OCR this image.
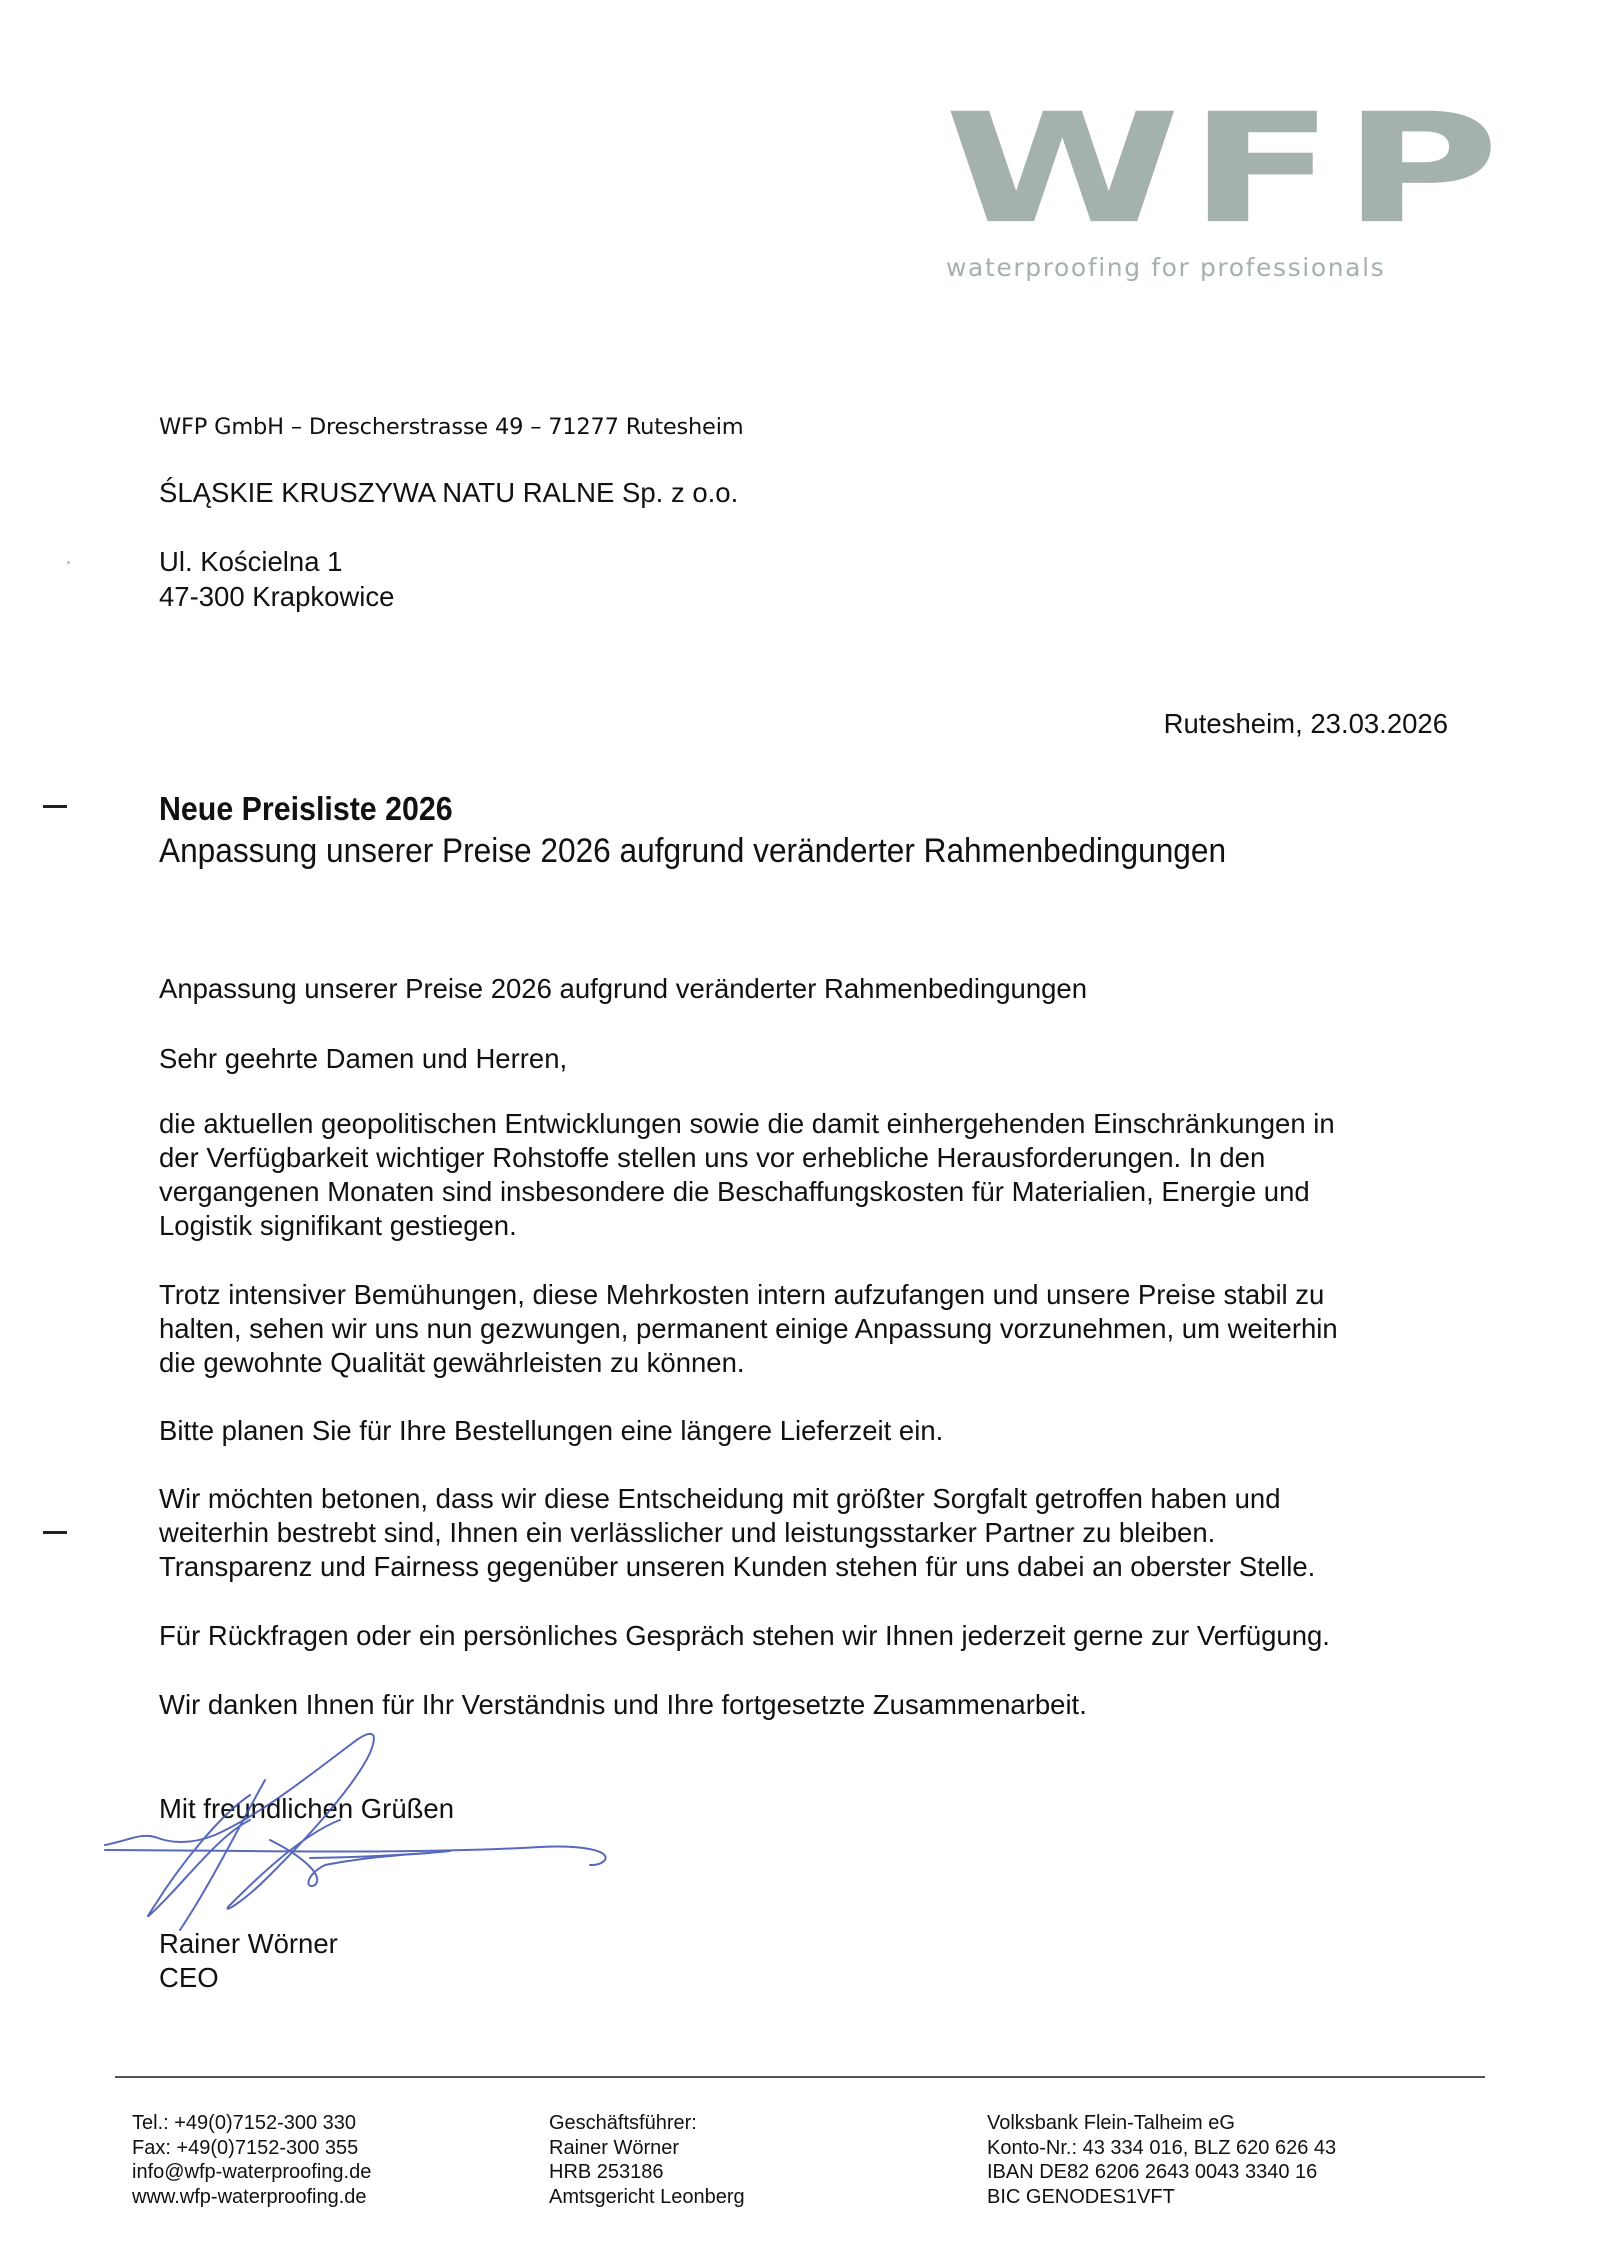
WFP
waterproofing for professionals
WFP GmbH – Drescherstrasse 49 – 71277 Rutesheim
ŚLĄSKIE KRUSZYWA NATU RALNE Sp. z o.o.
Ul. Kościelna 1
47-300 Krapkowice
Rutesheim, 23.03.2026
Neue Preisliste 2026
Anpassung unserer Preise 2026 aufgrund veränderter Rahmenbedingungen
Anpassung unserer Preise 2026 aufgrund veränderter Rahmenbedingungen
Sehr geehrte Damen und Herren,
die aktuellen geopolitischen Entwicklungen sowie die damit einhergehenden Einschränkungen in
der Verfügbarkeit wichtiger Rohstoffe stellen uns vor erhebliche Herausforderungen. In den
vergangenen Monaten sind insbesondere die Beschaffungskosten für Materialien, Energie und
Logistik signifikant gestiegen.
Trotz intensiver Bemühungen, diese Mehrkosten intern aufzufangen und unsere Preise stabil zu
halten, sehen wir uns nun gezwungen, permanent einige Anpassung vorzunehmen, um weiterhin
die gewohnte Qualität gewährleisten zu können.
Bitte planen Sie für Ihre Bestellungen eine längere Lieferzeit ein.
Wir möchten betonen, dass wir diese Entscheidung mit größter Sorgfalt getroffen haben und
weiterhin bestrebt sind, Ihnen ein verlässlicher und leistungsstarker Partner zu bleiben.
Transparenz und Fairness gegenüber unseren Kunden stehen für uns dabei an oberster Stelle.
Für Rückfragen oder ein persönliches Gespräch stehen wir Ihnen jederzeit gerne zur Verfügung.
Wir danken Ihnen für Ihr Verständnis und Ihre fortgesetzte Zusammenarbeit.
Mit freundlichen Grüßen
Rainer Wörner
CEO
Tel.: +49(0)7152-300 330
Fax: +49(0)7152-300 355
info@wfp-waterproofing.de
www.wfp-waterproofing.de
Geschäftsführer:
Rainer Wörner
HRB 253186
Amtsgericht Leonberg
Volksbank Flein-Talheim eG
Konto-Nr.: 43 334 016, BLZ 620 626 43
IBAN DE82 6206 2643 0043 3340 16
BIC GENODES1VFT
